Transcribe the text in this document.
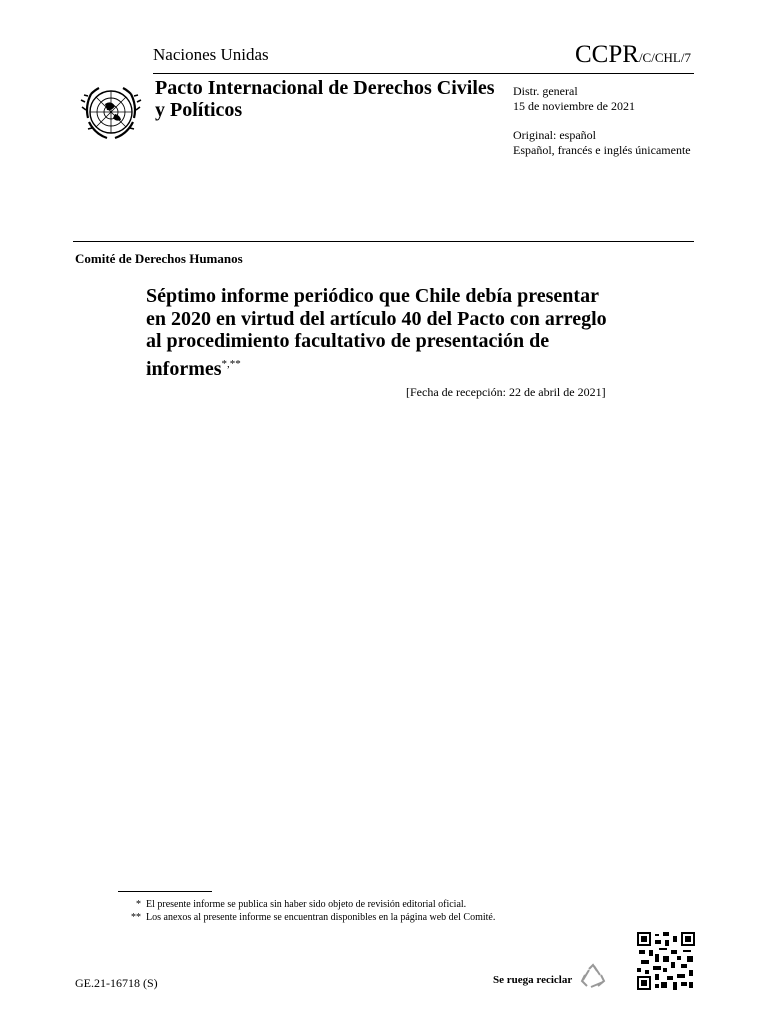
Naciones Unidas	CCPR/C/CHL/7
Pacto Internacional de Derechos Civiles y Políticos
Distr. general
15 de noviembre de 2021
Original: español
Español, francés e inglés únicamente
Comité de Derechos Humanos
Séptimo informe periódico que Chile debía presentar en 2020 en virtud del artículo 40 del Pacto con arreglo al procedimiento facultativo de presentación de informes*,**
[Fecha de recepción: 22 de abril de 2021]
* El presente informe se publica sin haber sido objeto de revisión editorial oficial.
** Los anexos al presente informe se encuentran disponibles en la página web del Comité.
GE.21-16718 (S)	Se ruega reciclar
